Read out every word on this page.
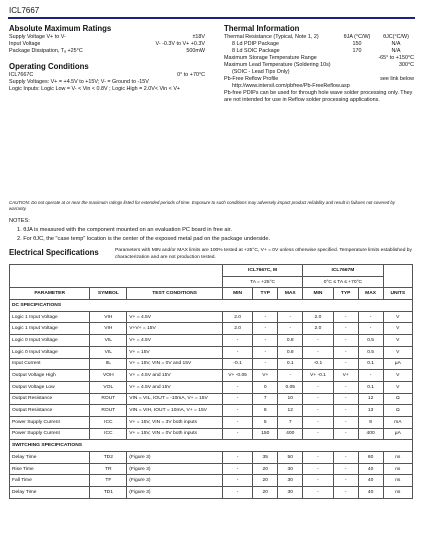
ICL7667
Absolute Maximum Ratings
Supply Voltage V+ to V-	±18V
Input Voltage	V- -0.3V to V+ +0.3V
Package Dissipation, Tₐ +25°C	500mW
Operating Conditions
ICL7667C	0° to +70°C
Supply Voltages: V+ = +4.5V to +15V; V- = Ground to -15V
Logic Inputs: Logic Low = V- < Vin < 0.8V ; Logic High = 2.0V< Vin < V+
Thermal Information
Thermal Resistance (Typical, Note 1, 2)	θJA (°C/W)	θJC(°C/W)
8 Ld PDIP Package	150	N/A
8 Ld SOIC Package	170	N/A
Maximum Storage Temperature Range	-65° to +150°C
Maximum Lead Temperature (Soldering 10s)	300°C
(SOIC - Lead Tips Only)
Pb-Free Reflow Profile	see link below
http://www.intersil.com/pbfree/Pb-FreeReflow.asp
Pb-free PDIPs can be used for through hole wave solder processing only. They are not intended for use in Reflow solder processing applications.
CAUTION: Do not operate at or near the maximum ratings listed for extended periods of time. Exposure to such conditions may adversely impact product reliability and result in failures not covered by warranty.
NOTES:
1. θJA is measured with the component mounted on an evaluation PC board in free air.
2. For θJC, the "case temp" location is the center of the exposed metal pad on the package underside.
Electrical Specifications	Parameters with MIN and/or MAX limits are 100% tested at +25°C, V+ = 0V unless otherwise specified. Temperature limits established by characterization and are not production tested.
			ICL7667C, M			ICL7667M			
			TA = +25°C			0°C ≤ TA ≤ +70°C			
PARAMETER	SYMBOL	TEST CONDITIONS	MIN	TYP	MAX	MIN	TYP	MAX	UNITS
DC SPECIFICATIONS									
Logic 1 Input Voltage	VIH	V+ = 4.5V	2.0	-	-	2.0	-	-	V
Logic 1 Input Voltage	VIH	V+V+ = 15V	2.0	-	-	2.0	-	-	V
Logic 0 Input Voltage	VIL	V+ = 4.5V	-	-	0.8	-	-	0.5	V
Logic 0 Input Voltage	VIL	V+ = 15V	-	-	0.8	-	-	0.5	V
Input Current	IIL	V+ = 15V, VIN = 0V and 15V	-0.1	-	0.1	-0.1	-	0.1	μA
Output Voltage High	VOH	V+ = 4.5V and 15V	V+ -0.05	V+	-	V+ -0.1	V+	-	V
Output Voltage Low	VOL	V+ = 4.5V and 15V	-	0	0.05	-	-	0.1	V
Output Resistance	ROUT	VIN = VIL, IOUT = -10mA, V+ = 15V	-	7	10	-	-	12	Ω
Output Resistance	ROUT	VIN = VIH, IOUT = 10mA, V+ = 15V	-	8	12	-	-	13	Ω
Power Supply Current	ICC	V+ = 15V, VIN = 3V both inputs	-	5	7	-	-	8	mA
Power Supply Current	ICC	V+ = 15V, VIN = 0V both inputs	-	150	400	-	-	400	μA
SWITCHING SPECIFICATIONS									
Delay Time	TD2	(Figure 3)	-	35	50	-	-	60	ns
Rise Time	TR	(Figure 3)	-	20	30	-	-	40	ns
Fall Time	TF	(Figure 3)	-	20	30	-	-	40	ns
Delay Time	TD1	(Figure 3)	-	20	30	-	-	40	ns
